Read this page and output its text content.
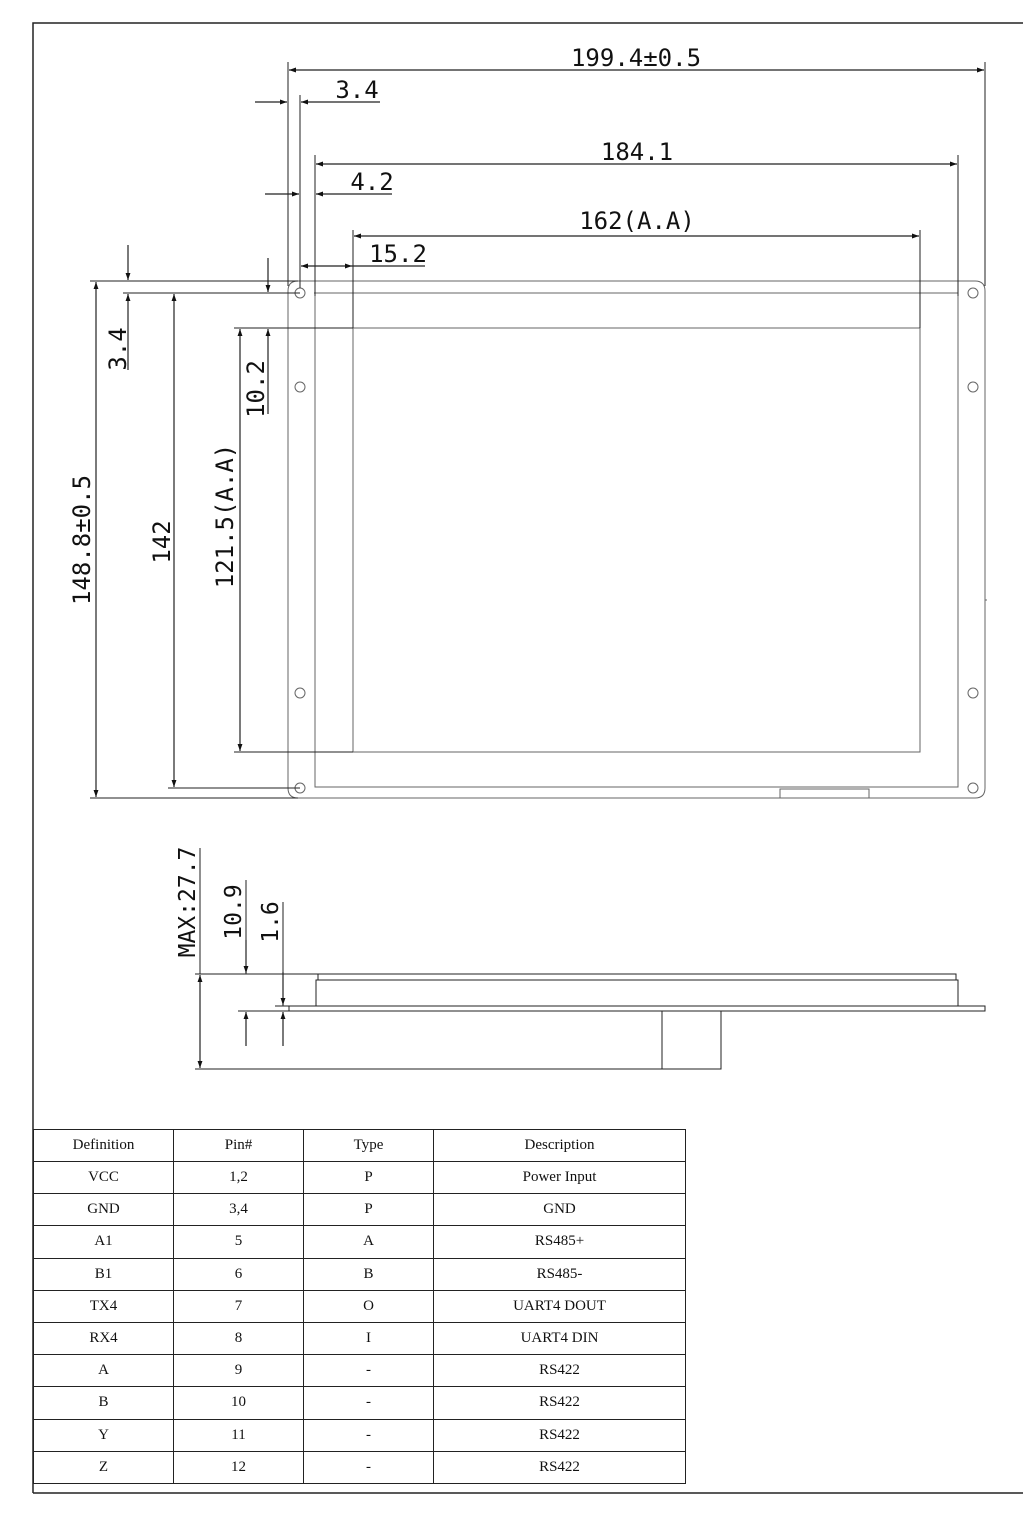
199.4±0.5
3.4
184.1
4.2
162(A.A)
15.2
3.4
148.8±0.5 142 121.5(A.A)
10.2
MAX:27.7 10.9 1.6
Definition	Pin#	Type	Description
VCC	1,2	P	Power Input
GND	3,4	P	GND
A1	5	A	RS485+
B1	6	B	RS485-
TX4	7	O	UART4 DOUT
RX4	8	I	UART4 DIN
A	9	-	RS422
B	10	-	RS422
Y	11	-	RS422
Z	12	-	RS422
